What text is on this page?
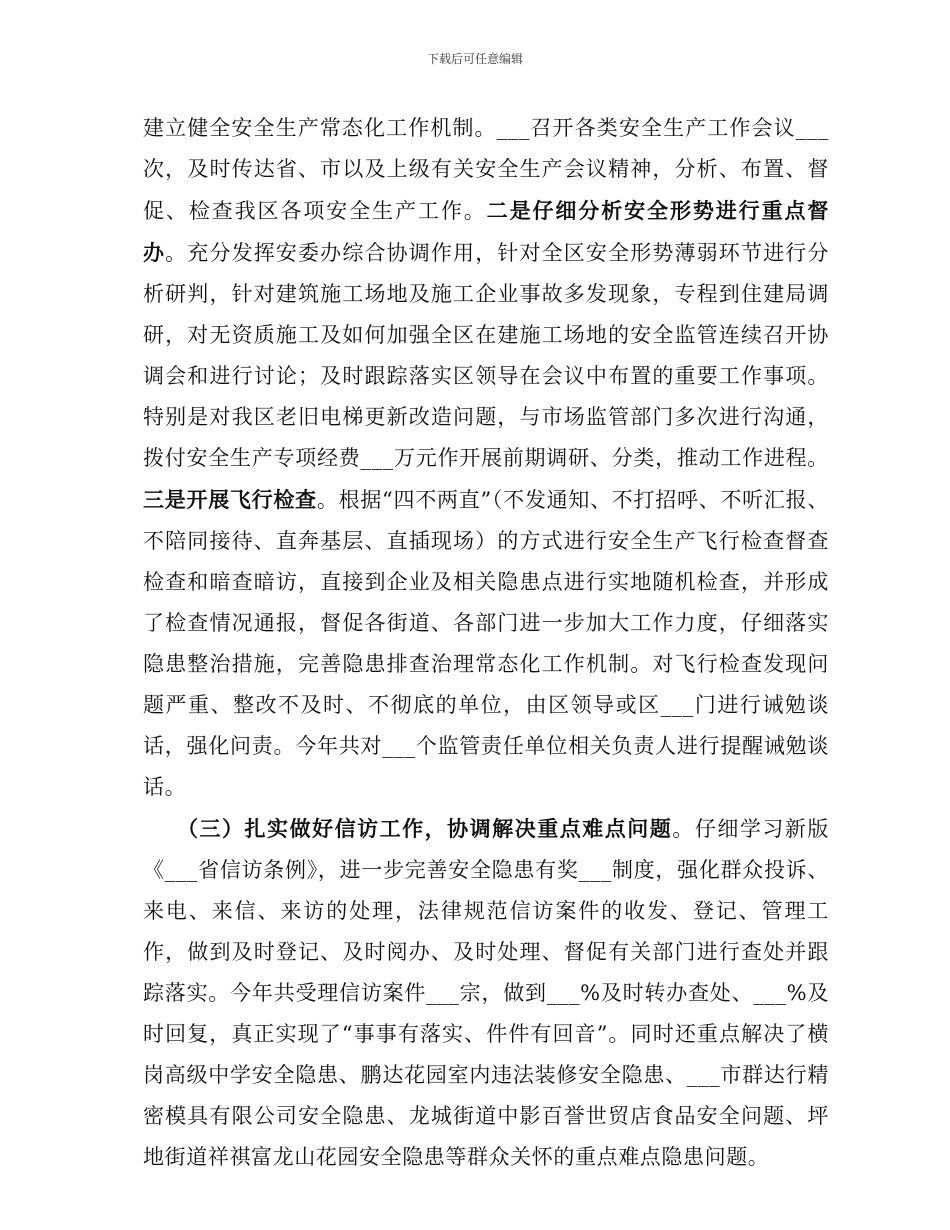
下载后可任意编辑

建立健全安全生产常态化工作机制。___召开各类安全生产工作会议___次，及时传达省、市以及上级有关安全生产会议精神，分析、布置、督促、检查我区各项安全生产工作。二是仔细分析安全形势进行重点督办。充分发挥安委办综合协调作用，针对全区安全形势薄弱环节进行分析研判，针对建筑施工场地及施工企业事故多发现象，专程到住建局调研，对无资质施工及如何加强全区在建施工场地的安全监管连续召开协调会和进行讨论；及时跟踪落实区领导在会议中布置的重要工作事项。特别是对我区老旧电梯更新改造问题，与市场监管部门多次进行沟通，拨付安全生产专项经费___万元作开展前期调研、分类，推动工作进程。三是开展飞行检查。根据“四不两直”（不发通知、不打招呼、不听汇报、不陪同接待、直奔基层、直插现场）的方式进行安全生产飞行检查督查检查和暗查暗访，直接到企业及相关隐患点进行实地随机检查，并形成了检查情况通报，督促各街道、各部门进一步加大工作力度，仔细落实隐患整治措施，完善隐患排查治理常态化工作机制。对飞行检查发现问题严重、整改不及时、不彻底的单位，由区领导或区___门进行诫勉谈话，强化问责。今年共对___个监管责任单位相关负责人进行提醒诫勉谈话。

（三）扎实做好信访工作，协调解决重点难点问题。仔细学习新版《___省信访条例》，进一步完善安全隐患有奖___制度，强化群众投诉、来电、来信、来访的处理，法律规范信访案件的收发、登记、管理工作，做到及时登记、及时阅办、及时处理、督促有关部门进行查处并跟踪落实。今年共受理信访案件___宗，做到___%及时转办查处、___%及时回复，真正实现了“事事有落实、件件有回音”。同时还重点解决了横岗高级中学安全隐患、鹏达花园室内违法装修安全隐患、___市群达行精密模具有限公司安全隐患、龙城街道中影百誉世贸店食品安全问题、坪地街道祥祺富龙山花园安全隐患等群众关怀的重点难点隐患问题。
